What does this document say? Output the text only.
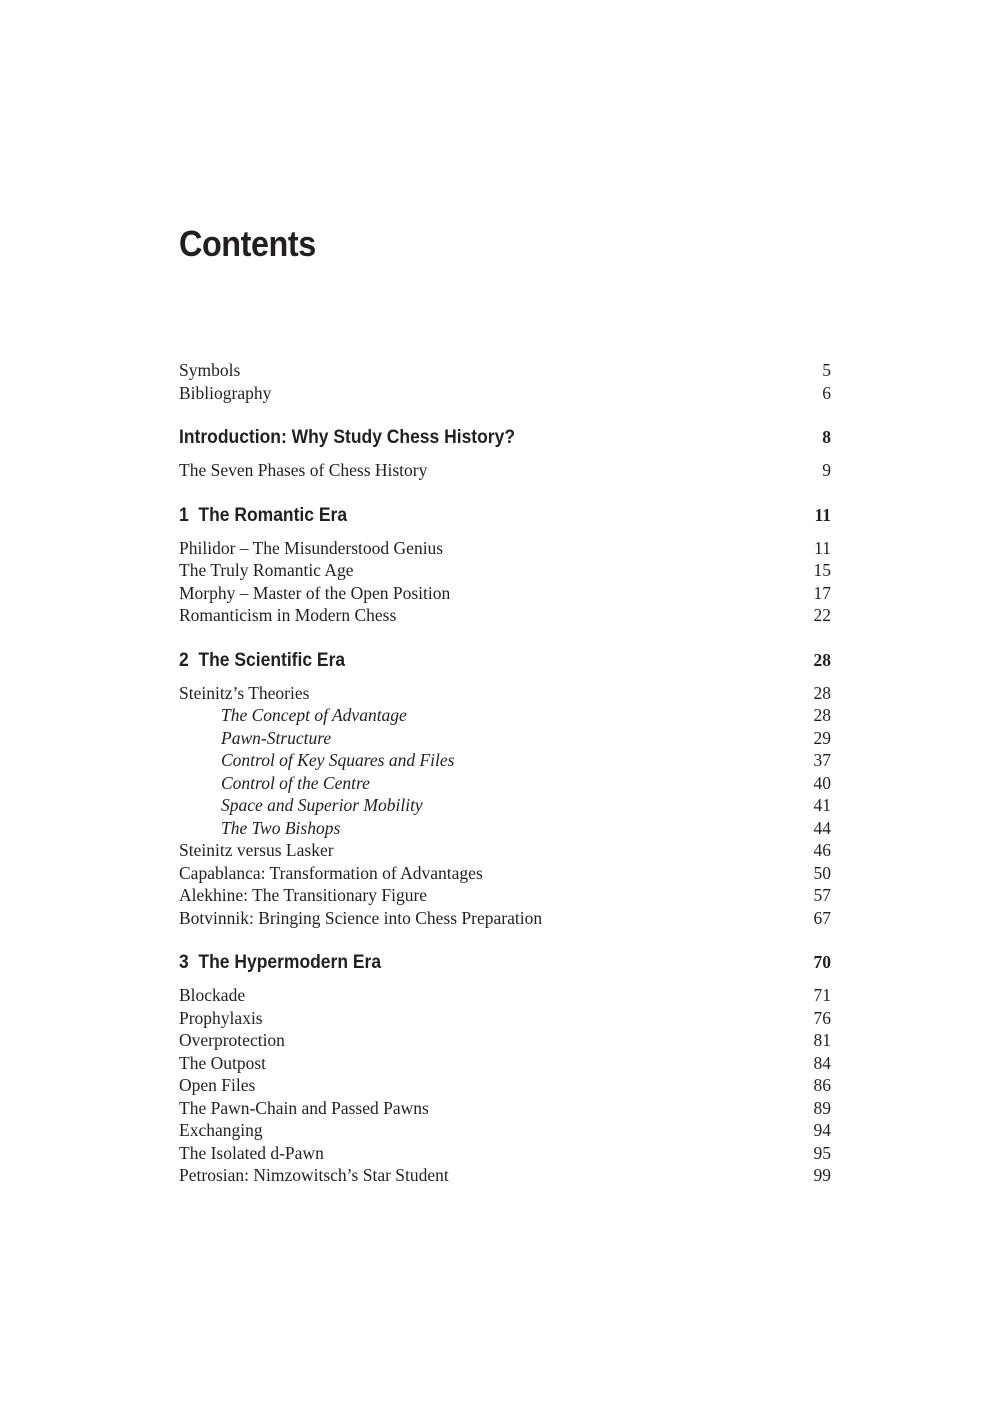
Contents
Symbols	5
Bibliography	6
Introduction: Why Study Chess History?	8
The Seven Phases of Chess History	9
1  The Romantic Era	11
Philidor – The Misunderstood Genius	11
The Truly Romantic Age	15
Morphy – Master of the Open Position	17
Romanticism in Modern Chess	22
2  The Scientific Era	28
Steinitz’s Theories	28
The Concept of Advantage	28
Pawn-Structure	29
Control of Key Squares and Files	37
Control of the Centre	40
Space and Superior Mobility	41
The Two Bishops	44
Steinitz versus Lasker	46
Capablanca: Transformation of Advantages	50
Alekhine: The Transitionary Figure	57
Botvinnik: Bringing Science into Chess Preparation	67
3  The Hypermodern Era	70
Blockade	71
Prophylaxis	76
Overprotection	81
The Outpost	84
Open Files	86
The Pawn-Chain and Passed Pawns	89
Exchanging	94
The Isolated d-Pawn	95
Petrosian: Nimzowitsch’s Star Student	99
